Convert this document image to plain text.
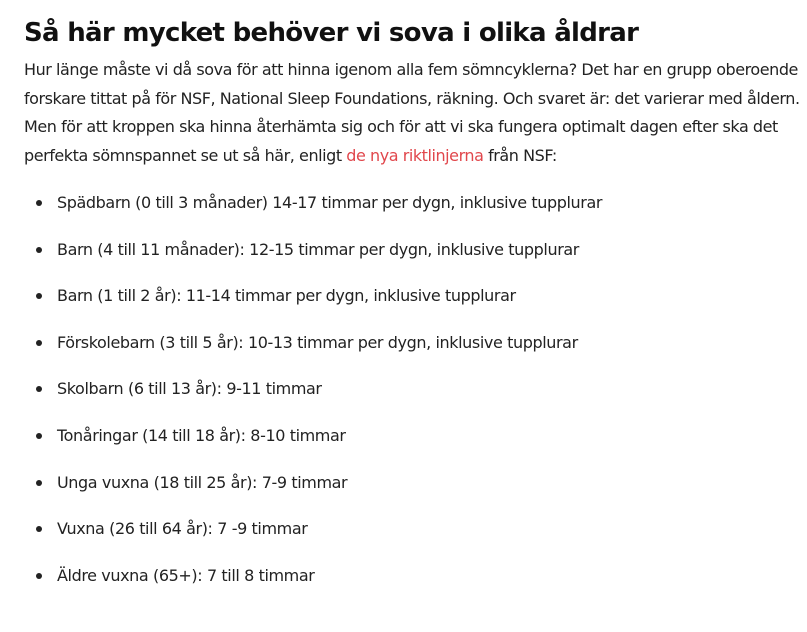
Så här mycket behöver vi sova i olika åldrar

Hur länge måste vi då sova för att hinna igenom alla fem sömncyklerna? Det har en grupp oberoende forskare tittat på för NSF, National Sleep Foundations, räkning. Och svaret är: det varierar med åldern. Men för att kroppen ska hinna återhämta sig och för att vi ska fungera optimalt dagen efter ska det perfekta sömnspannet se ut så här, enligt de nya riktlinjerna från NSF:

Spädbarn (0 till 3 månader) 14-17 timmar per dygn, inklusive tupplurar
Barn (4 till 11 månader): 12-15 timmar per dygn, inklusive tupplurar
Barn (1 till 2 år): 11-14 timmar per dygn, inklusive tupplurar
Förskolebarn (3 till 5 år): 10-13 timmar per dygn, inklusive tupplurar
Skolbarn (6 till 13 år): 9-11 timmar
Tonåringar (14 till 18 år): 8-10 timmar
Unga vuxna (18 till 25 år): 7-9 timmar
Vuxna (26 till 64 år): 7 -9 timmar
Äldre vuxna (65+): 7 till 8 timmar
